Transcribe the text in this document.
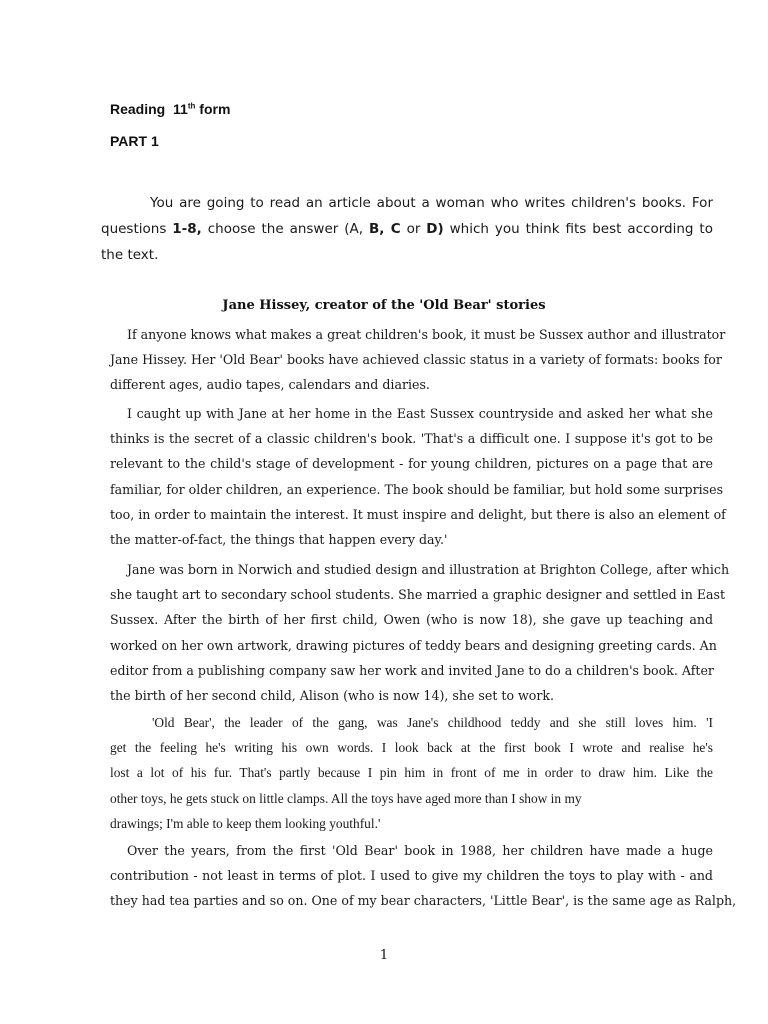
Reading 11th form
PART 1
You are going to read an article about a woman who writes children's books. For questions 1-8, choose the answer (A, B, C or D) which you think fits best according to the text.
Jane Hissey, creator of the 'Old Bear' stories
If anyone knows what makes a great children's book, it must be Sussex author and illustrator
Jane Hissey. Her 'Old Bear' books have achieved classic status in a variety of formats: books for
different ages, audio tapes, calendars and diaries.
I caught up with Jane at her home in the East Sussex countryside and asked her what she
thinks is the secret of a classic children's book. 'That's a difficult one. I suppose it's got to be
relevant to the child's stage of development - for young children, pictures on a page that are
familiar, for older children, an experience. The book should be familiar, but hold some surprises
too, in order to maintain the interest. It must inspire and delight, but there is also an element of
the matter-of-fact, the things that happen every day.'
Jane was born in Norwich and studied design and illustration at Brighton College, after which
she taught art to secondary school students. She married a graphic designer and settled in East
Sussex. After the birth of her first child, Owen (who is now 18), she gave up teaching and
worked on her own artwork, drawing pictures of teddy bears and designing greeting cards. An
editor from a publishing company saw her work and invited Jane to do a children's book. After
the birth of her second child, Alison (who is now 14), she set to work.
'Old Bear', the leader of the gang, was Jane's childhood teddy and she still loves him. 'I
get the feeling he's writing his own words. I look back at the first book I wrote and realise he's
lost a lot of his fur. That's partly because I pin him in front of me in order to draw him. Like the
other toys, he gets stuck on little clamps. All the toys have aged more than I show in my
drawings; I'm able to keep them looking youthful.'
Over the years, from the first 'Old Bear' book in 1988, her children have made a huge
contribution - not least in terms of plot. I used to give my children the toys to play with - and
they had tea parties and so on. One of my bear characters, 'Little Bear', is the same age as Ralph,
1
